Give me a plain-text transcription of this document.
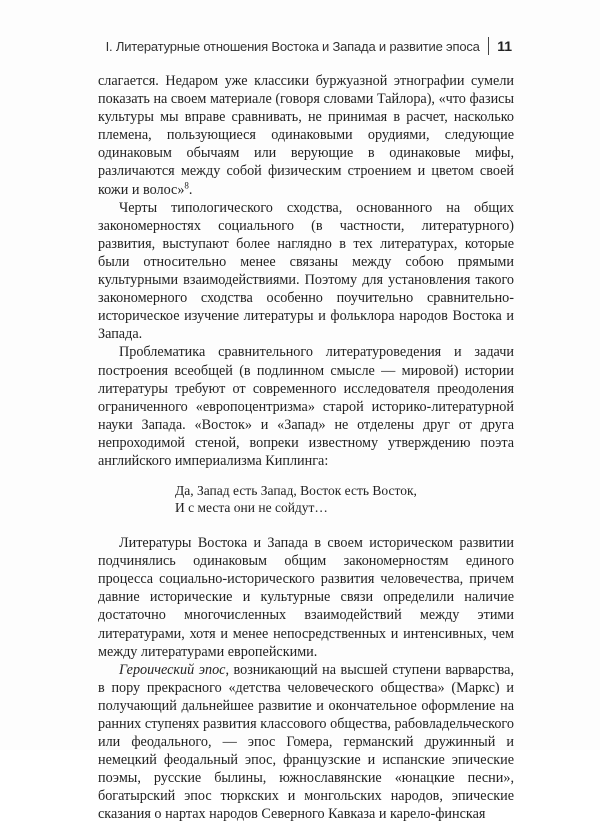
I. Литературные отношения Востока и Запада и развитие эпоса 11

слагается. Недаром уже классики буржуазной этнографии сумели показать на своем материале (говоря словами Тайлора), «что фазисы культуры мы вправе сравнивать, не принимая в расчет, насколько племена, пользующиеся одинаковыми орудиями, следующие одинаковым обычаям или верующие в одинаковые мифы, различаются между собой физическим строением и цветом своей кожи и волос»$^8$.

Черты типологического сходства, основанного на общих закономерностях социального (в частности, литературного) развития, выступают более наглядно в тех литературах, которые были относительно менее связаны между собою прямыми культурными взаимодействиями. Поэтому для установления такого закономерного сходства особенно поучительно сравнительно-историческое изучение литературы и фольклора народов Востока и Запада.

Проблематика сравнительного литературоведения и задачи построения всеобщей (в подлинном смысле — мировой) истории литературы требуют от современного исследователя преодоления ограниченного «европоцентризма» старой историко-литературной науки Запада. «Восток» и «Запад» не отделены друг от друга непроходимой стеной, вопреки известному утверждению поэта английского империализма Киплинга:

Да, Запад есть Запад, Восток есть Восток,
И с места они не сойдут…

Литературы Востока и Запада в своем историческом развитии подчинялись одинаковым общим закономерностям единого процесса социально-исторического развития человечества, причем давние исторические и культурные связи определили наличие достаточно многочисленных взаимодействий между этими литературами, хотя и менее непосредственных и интенсивных, чем между литературами европейскими.

Героический эпос, возникающий на высшей ступени варварства, в пору прекрасного «детства человеческого общества» (Маркс) и получающий дальнейшее развитие и окончательное оформление на ранних ступенях развития классового общества, рабовладельческого или феодального, — эпос Гомера, германский дружинный и немецкий феодальный эпос, французские и испанские эпические поэмы, русские былины, южнославянские «юнацкие песни», богатырский эпос тюркских и монгольских народов, эпические сказания о нартах народов Северного Кавказа и карело-финская
